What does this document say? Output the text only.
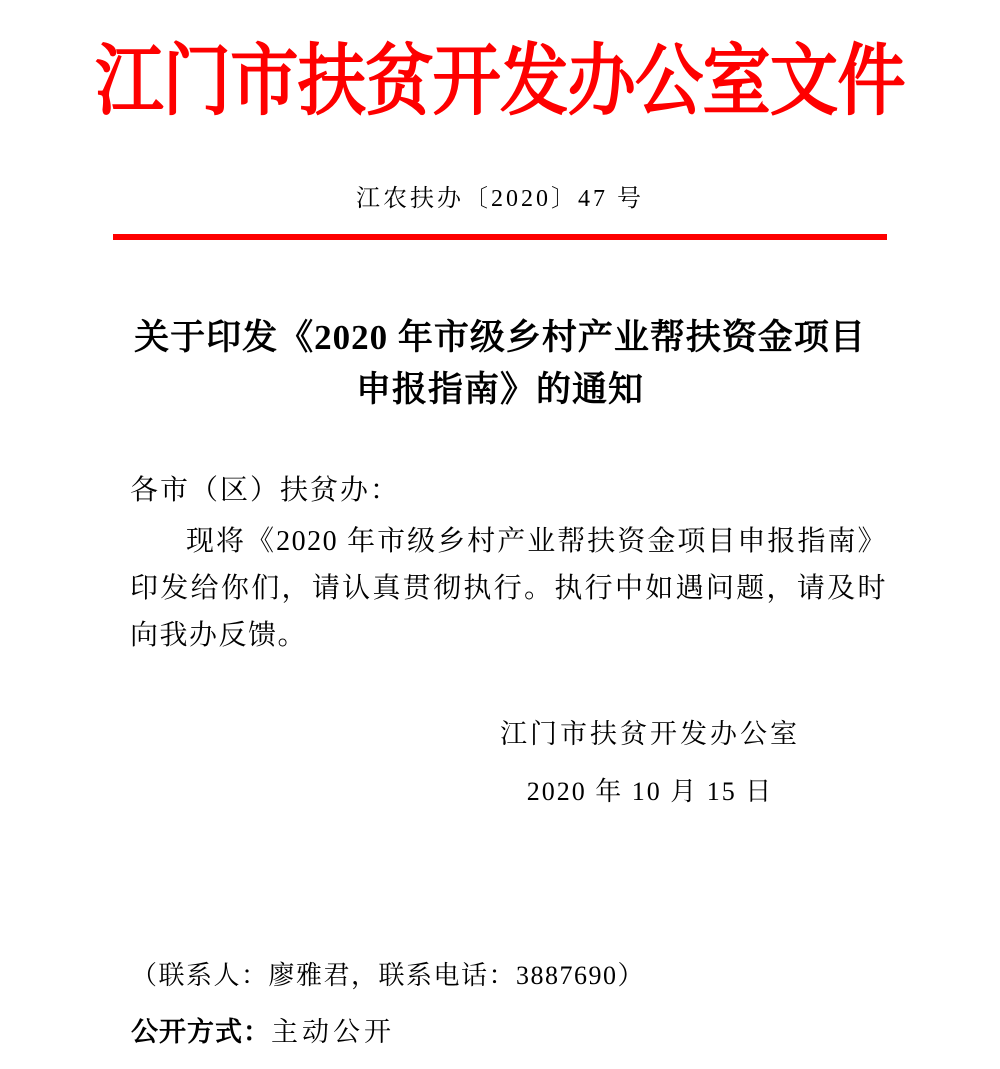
江门市扶贫开发办公室文件
江农扶办〔2020〕47 号
关于印发《2020 年市级乡村产业帮扶资金项目
申报指南》的通知
各市（区）扶贫办：
现将《2020 年市级乡村产业帮扶资金项目申报指南》印发给你们，请认真贯彻执行。执行中如遇问题，请及时向我办反馈。
江门市扶贫开发办公室
2020 年 10 月 15 日
（联系人：廖雅君，联系电话：3887690）
公开方式：主动公开
